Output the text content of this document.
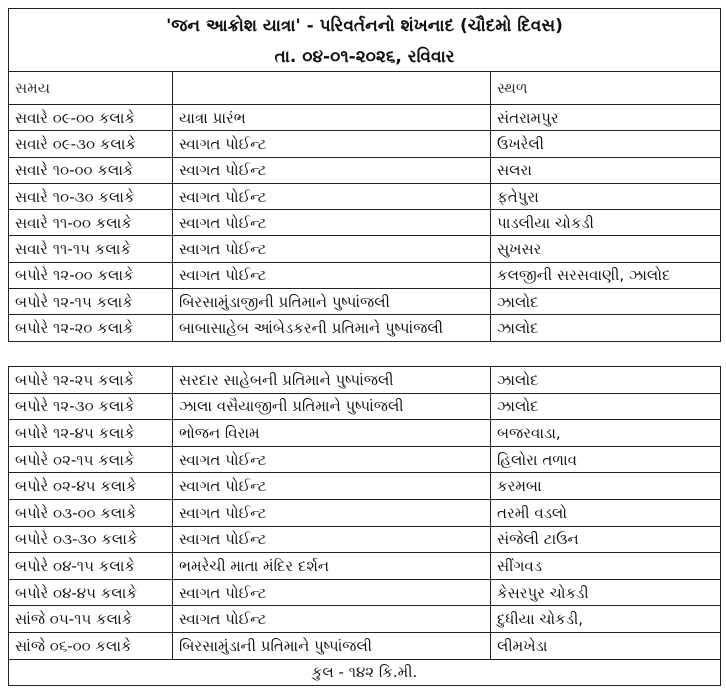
'જન આક્રોશ યાત્રા' - પરિવર્તનનો શંખનાદ (ચૌદમો દિવસ)		
તા. ૦૪-૦૧-૨૦૨૬, રવિવાર		
સમય		સ્થળ
સવારે ૦૯-૦૦ કલાકે	યાત્રા પ્રારંભ	સંતરામપુર
સવારે ૦૯-૩૦ કલાકે	સ્વાગત પોઈન્ટ	ઉખરેલી
સવારે ૧૦-૦૦ કલાકે	સ્વાગત પોઈન્ટ	સલરા
સવારે ૧૦-૩૦ કલાકે	સ્વાગત પોઈન્ટ	ફતેપુરા
સવારે ૧૧-૦૦ કલાકે	સ્વાગત પોઈન્ટ	પાડલીયા ચોકડી
સવારે ૧૧-૧૫ કલાકે	સ્વાગત પોઈન્ટ	સુખસર
બપોરે ૧૨-૦૦ કલાકે	સ્વાગત પોઈન્ટ	કલજીની સરસવાણી, ઝાલોદ
બપોરે ૧૨-૧૫ કલાકે	બિરસામુંડાજીની પ્રતિમાને પુષ્પાંજલી	ઝાલોદ
બપોરે ૧૨-૨૦ કલાકે	બાબાસાહેબ આંબેડકરની પ્રતિમાને પુષ્પાંજલી	ઝાલોદ
બપોરે ૧૨-૨૫ કલાકે	સરદાર સાહેબની પ્રતિમાને પુષ્પાંજલી	ઝાલોદ
બપોરે ૧૨-૩૦ કલાકે	ઝાલા વસૈયાજીની પ્રતિમાને પુષ્પાંજલી	ઝાલોદ
બપોરે ૧૨-૪૫ કલાકે	ભોજન વિરામ	બજરવાડા,
બપોરે ૦૨-૧૫ કલાકે	સ્વાગત પોઈન્ટ	હિલોરા તળાવ
બપોરે ૦૨-૪૫ કલાકે	સ્વાગત પોઈન્ટ	કરમબા
બપોરે ૦૩-૦૦ કલાકે	સ્વાગત પોઈન્ટ	તરમી વડલો
બપોરે ૦૩-૩૦ કલાકે	સ્વાગત પોઈન્ટ	સંજેલી ટાઉન
બપોરે ૦૪-૧૫ કલાકે	ભમરેચી માતા મંદિર દર્શન	સીંગવડ
બપોરે ૦૪-૪૫ કલાકે	સ્વાગત પોઈન્ટ	કેસરપુર ચોકડી
સાંજે ૦૫-૧૫ કલાકે	સ્વાગત પોઈન્ટ	દુધીયા ચોકડી,
સાંજે ૦૬-૦૦ કલાકે	બિરસામુંડાની પ્રતિમાને પુષ્પાંજલી	લીમખેડા
કુલ - ૧૪૨ કિ.મી.		
